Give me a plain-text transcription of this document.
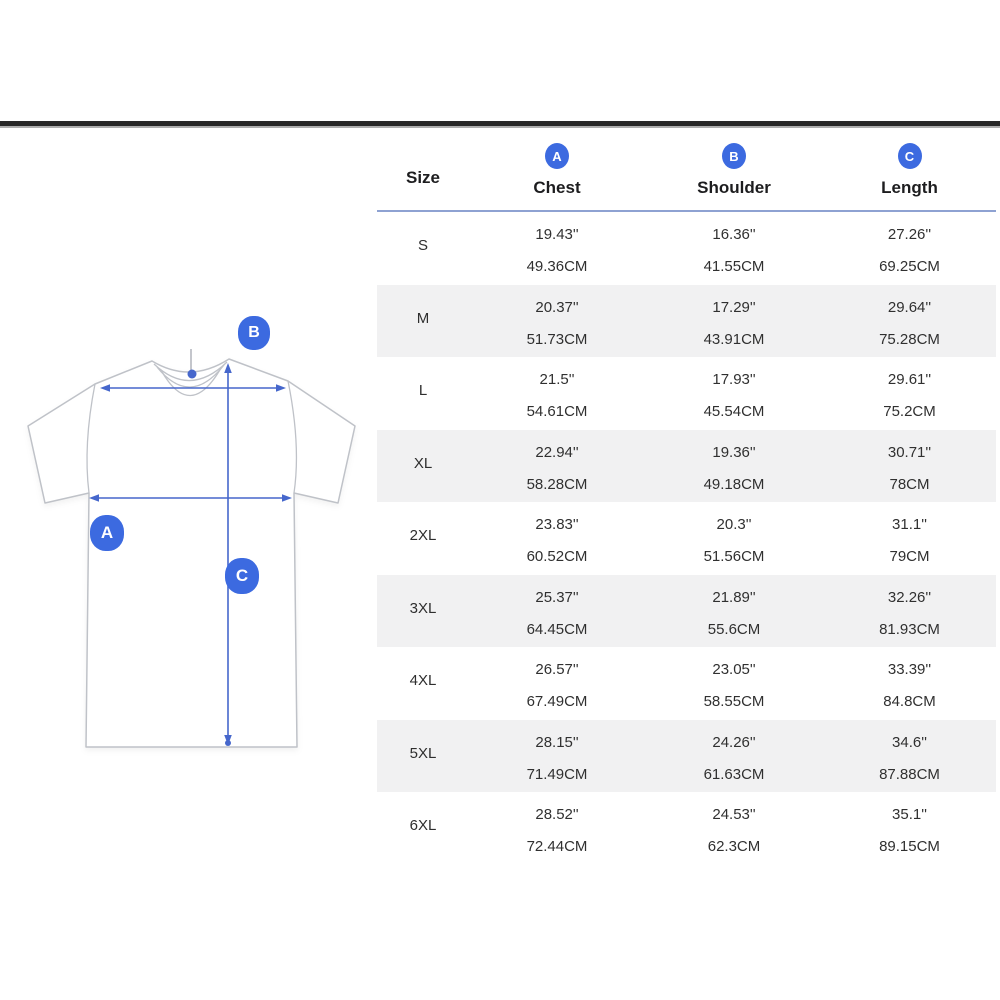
B
A
C
Size
A
Chest
B
Shoulder
C
Length
S
19.43''
49.36CM
16.36''
41.55CM
27.26''
69.25CM
M
20.37''
51.73CM
17.29''
43.91CM
29.64''
75.28CM
L
21.5''
54.61CM
17.93''
45.54CM
29.61''
75.2CM
XL
22.94''
58.28CM
19.36''
49.18CM
30.71''
78CM
2XL
23.83''
60.52CM
20.3''
51.56CM
31.1''
79CM
3XL
25.37''
64.45CM
21.89''
55.6CM
32.26''
81.93CM
4XL
26.57''
67.49CM
23.05''
58.55CM
33.39''
84.8CM
5XL
28.15''
71.49CM
24.26''
61.63CM
34.6''
87.88CM
6XL
28.52''
72.44CM
24.53''
62.3CM
35.1''
89.15CM
